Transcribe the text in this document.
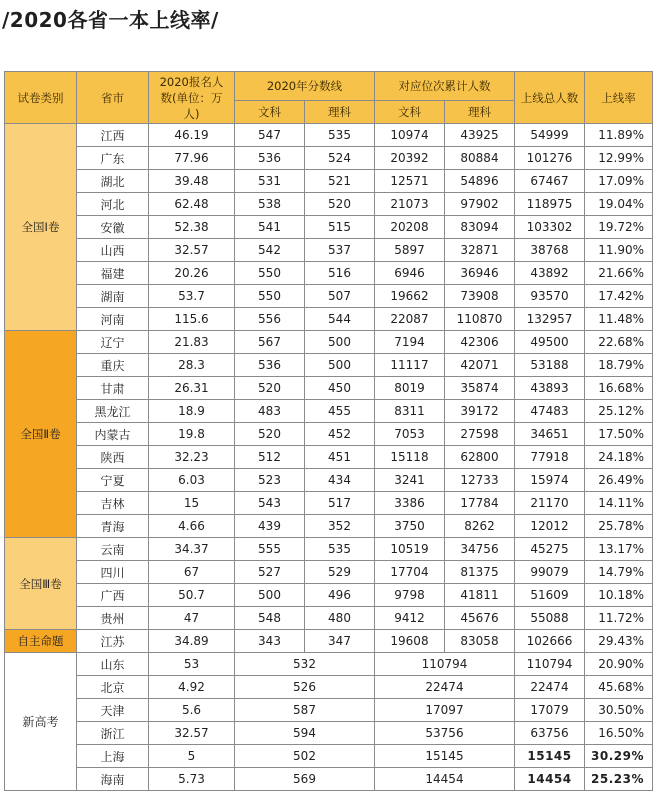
/2020各省一本上线率/
试卷类别	省市	2020报名人数(单位：万人)	2020年分数线		对应位次累计人数		上线总人数	上线率
			文科	理科	文科	理科		
全国Ⅰ卷	江西	46.19	547	535	10974	43925	54999	11.89%
	广东	77.96	536	524	20392	80884	101276	12.99%
	湖北	39.48	531	521	12571	54896	67467	17.09%
	河北	62.48	538	520	21073	97902	118975	19.04%
	安徽	52.38	541	515	20208	83094	103302	19.72%
	山西	32.57	542	537	5897	32871	38768	11.90%
	福建	20.26	550	516	6946	36946	43892	21.66%
	湖南	53.7	550	507	19662	73908	93570	17.42%
	河南	115.6	556	544	22087	110870	132957	11.48%
全国Ⅱ卷	辽宁	21.83	567	500	7194	42306	49500	22.68%
	重庆	28.3	536	500	11117	42071	53188	18.79%
	甘肃	26.31	520	450	8019	35874	43893	16.68%
	黑龙江	18.9	483	455	8311	39172	47483	25.12%
	内蒙古	19.8	520	452	7053	27598	34651	17.50%
	陕西	32.23	512	451	15118	62800	77918	24.18%
	宁夏	6.03	523	434	3241	12733	15974	26.49%
	吉林	15	543	517	3386	17784	21170	14.11%
	青海	4.66	439	352	3750	8262	12012	25.78%
全国Ⅲ卷	云南	34.37	555	535	10519	34756	45275	13.17%
	四川	67	527	529	17704	81375	99079	14.79%
	广西	50.7	500	496	9798	41811	51609	10.18%
	贵州	47	548	480	9412	45676	55088	11.72%
自主命题	江苏	34.89	343	347	19608	83058	102666	29.43%
新高考	山东	53	532		110794		110794	20.90%
	北京	4.92	526		22474		22474	45.68%
	天津	5.6	587		17097		17079	30.50%
	浙江	32.57	594		53756		63756	16.50%
	上海	5	502		15145		15145	30.29%
	海南	5.73	569		14454		14454	25.23%
